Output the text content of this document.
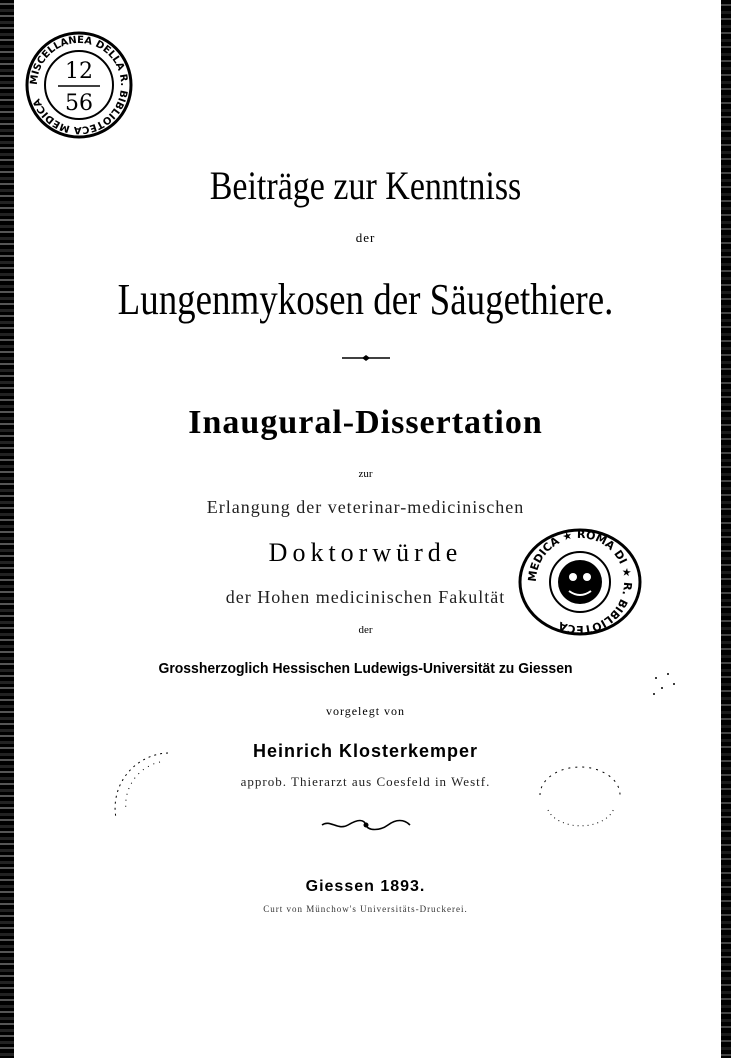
MISCELLANEA DELLA R. BIBLIOTECA MEDICA
12
56
Beiträge zur Kenntniss
der
Lungenmykosen der Säugethiere.
Inaugural-Dissertation
zur
Erlangung der veterinar-medicinischen
Doktorwürde
der Hohen medicinischen Fakultät
der
Grossherzoglich Hessischen Ludewigs-Universität zu Giessen
vorgelegt von
Heinrich Klosterkemper
approb. Thierarzt aus Coesfeld in Westf.
Giessen 1893.
Curt von Münchow's Universitäts-Druckerei.
MEDICA ★ ROMA DI ★ R. BIBLIOTECA
